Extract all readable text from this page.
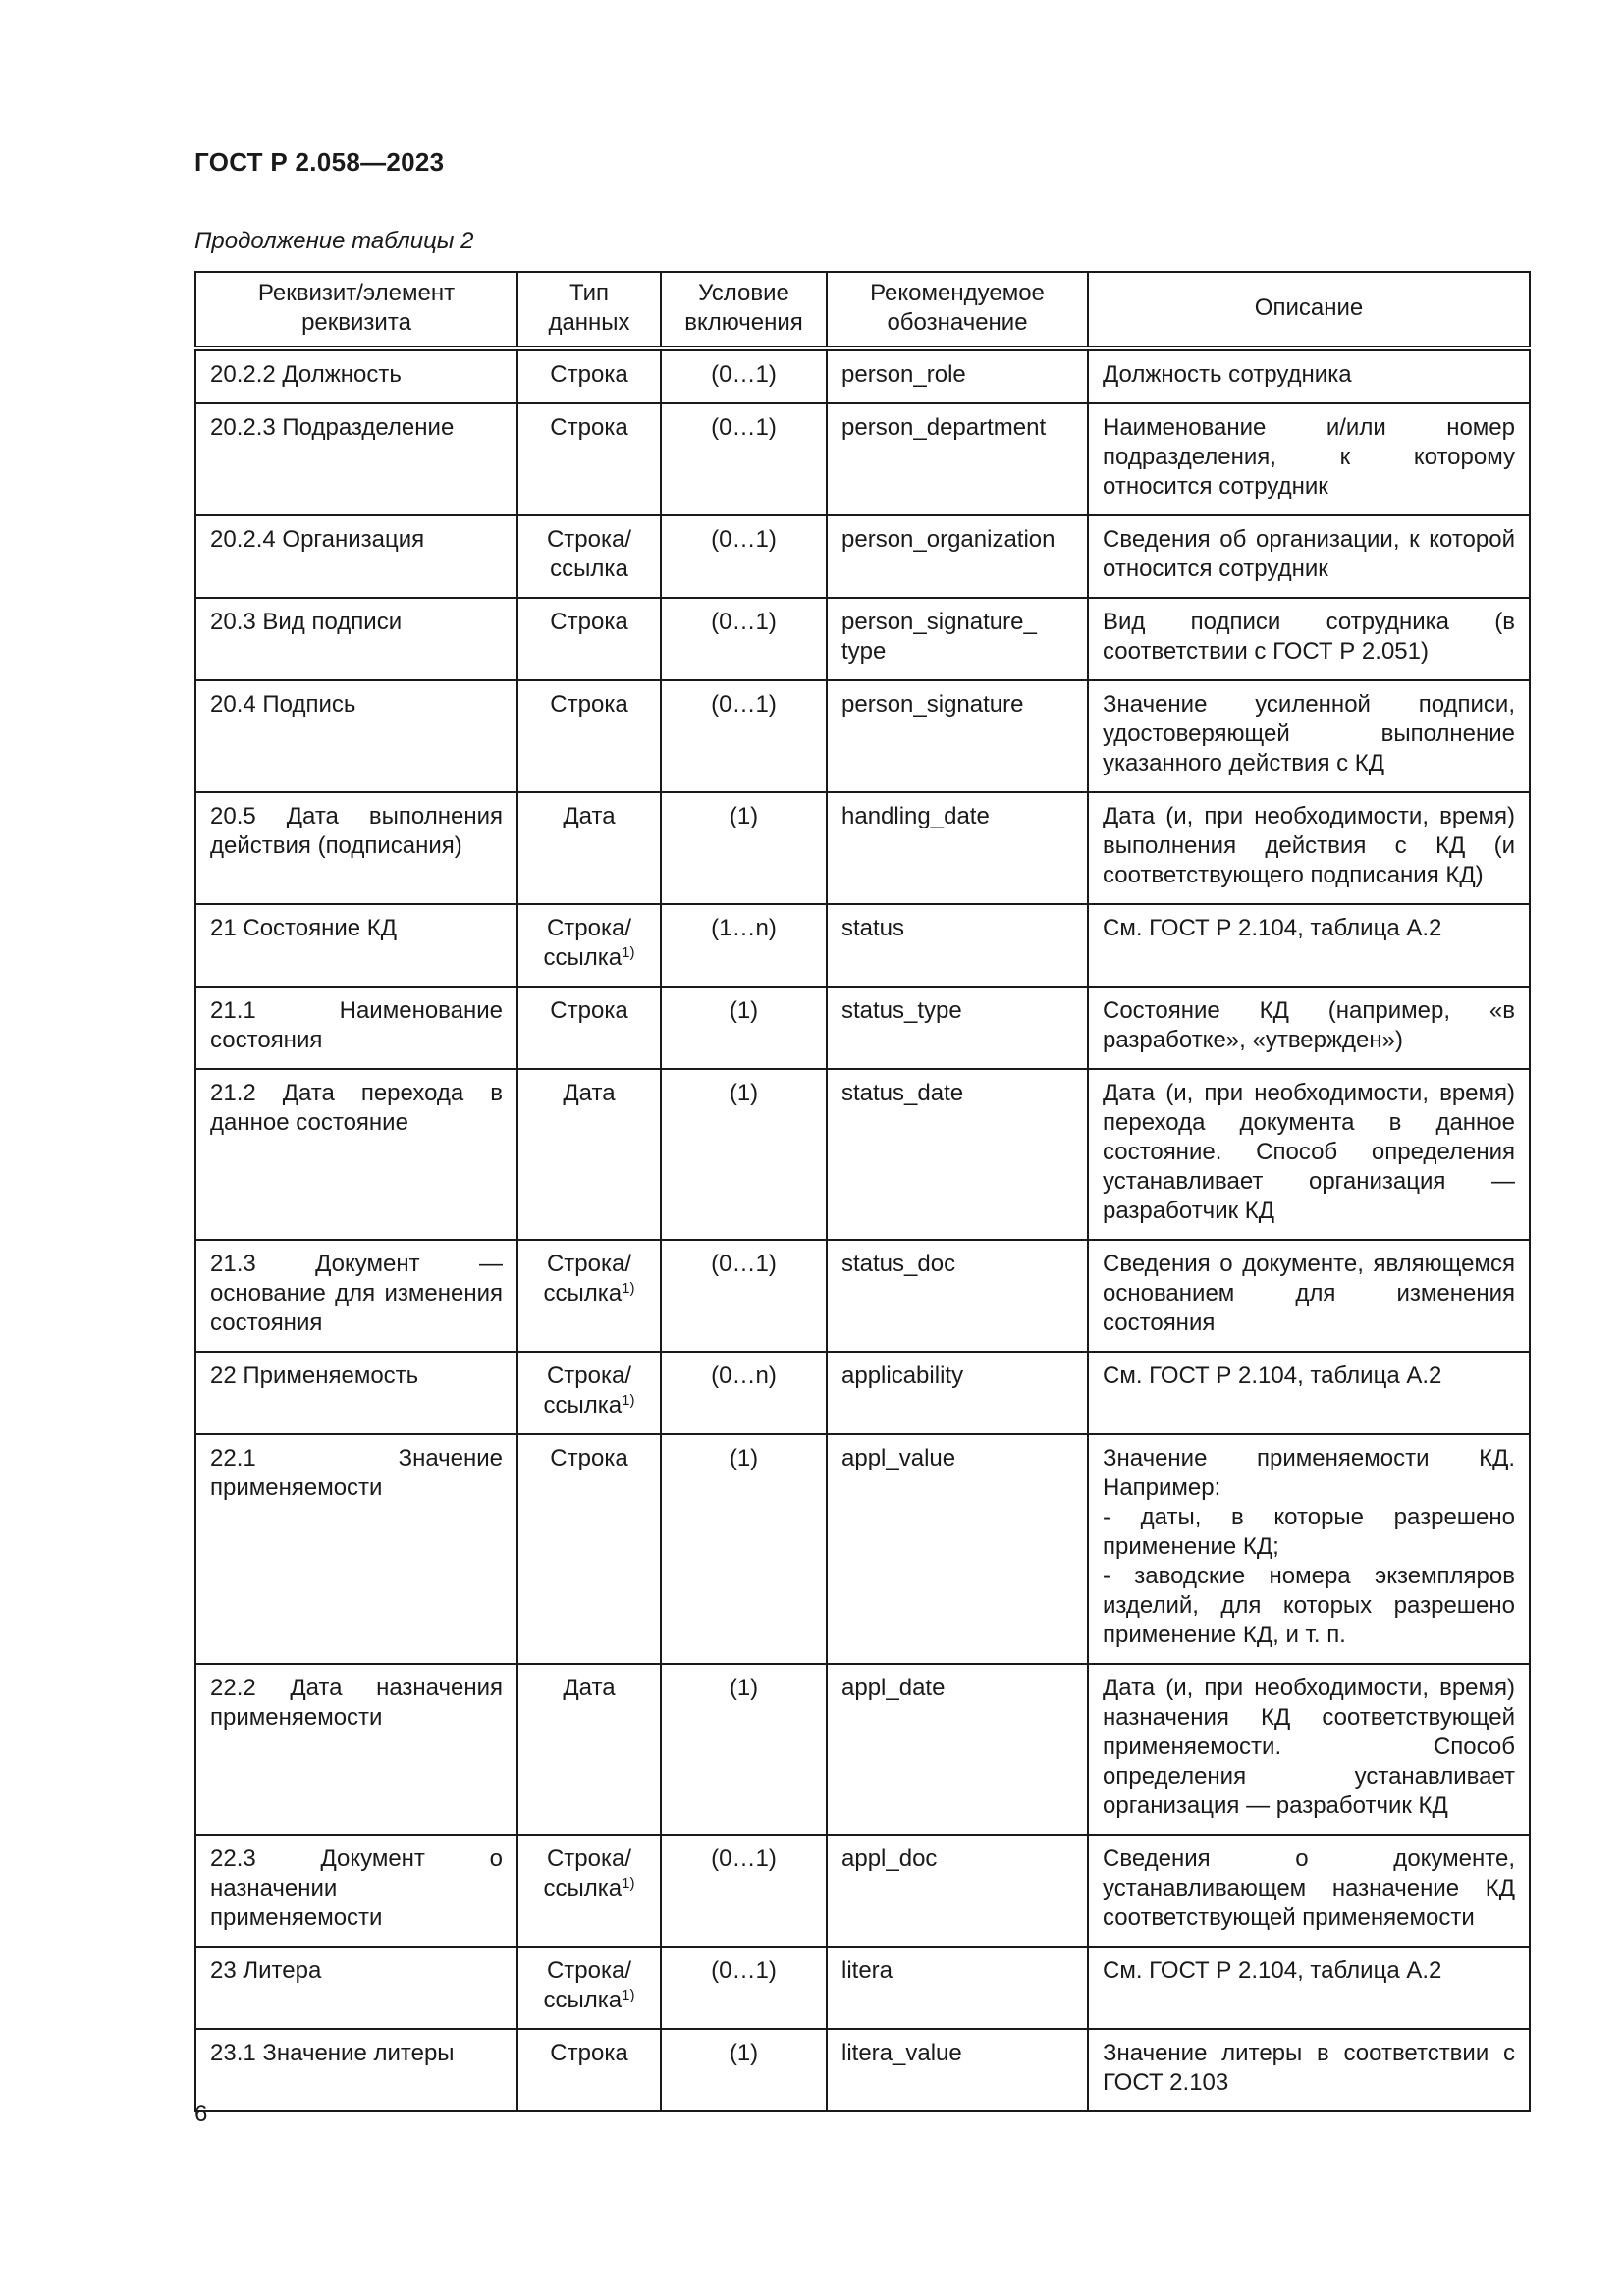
ГОСТ Р 2.058—2023
Продолжение таблицы 2
Реквизит/элемент реквизита	Тип данных	Условие включения	Рекомендуемое обозначение	Описание
20.2.2 Должность	Строка	(0…1)	person_role	Должность сотрудника
20.2.3 Подразделение	Строка	(0…1)	person_department	Наименование и/или номер подразделения, к которому относится сотрудник
20.2.4 Организация	Строка/ ссылка	(0…1)	person_organization	Сведения об организации, к которой относится сотрудник
20.3 Вид подписи	Строка	(0…1)	person_signature_ type	Вид подписи сотрудника (в соответствии с ГОСТ Р 2.051)
20.4 Подпись	Строка	(0…1)	person_signature	Значение усиленной подписи, удостоверяющей выполнение указанного действия с КД
20.5 Дата выполнения действия (подписания)	Дата	(1)	handling_date	Дата (и, при необходимости, время) выполнения действия с КД (и соответствующего подписания КД)
21 Состояние КД	Строка/ ссылка$^{1)}$	(1…n)	status	См. ГОСТ Р 2.104, таблица А.2
21.1 Наименование состояния	Строка	(1)	status_type	Состояние КД (например, «в разработке», «утвержден»)
21.2 Дата перехода в данное состояние	Дата	(1)	status_date	Дата (и, при необходимости, время) перехода документа в данное состояние. Способ определения устанавливает организация — разработчик КД
21.3 Документ — основание для изменения состояния	Строка/ ссылка$^{1)}$	(0…1)	status_doc	Сведения о документе, являющемся основанием для изменения состояния
22 Применяемость	Строка/ ссылка$^{1)}$	(0…n)	applicability	См. ГОСТ Р 2.104, таблица А.2
22.1 Значение применяемости	Строка	(1)	appl_value	Значение применяемости КД. Например:
- даты, в которые разрешено применение КД;
- заводские номера экземпляров изделий, для которых разрешено применение КД, и т. п.
22.2 Дата назначения применяемости	Дата	(1)	appl_date	Дата (и, при необходимости, время) назначения КД соответствующей применяемости. Способ определения устанавливает организация — разработчик КД
22.3 Документ о назначении применяемости	Строка/ ссылка$^{1)}$	(0…1)	appl_doc	Сведения о документе, устанавливающем назначение КД соответствующей применяемости
23 Литера	Строка/ ссылка$^{1)}$	(0…1)	litera	См. ГОСТ Р 2.104, таблица А.2
23.1 Значение литеры	Строка	(1)	litera_value	Значение литеры в соответствии с ГОСТ 2.103
6
